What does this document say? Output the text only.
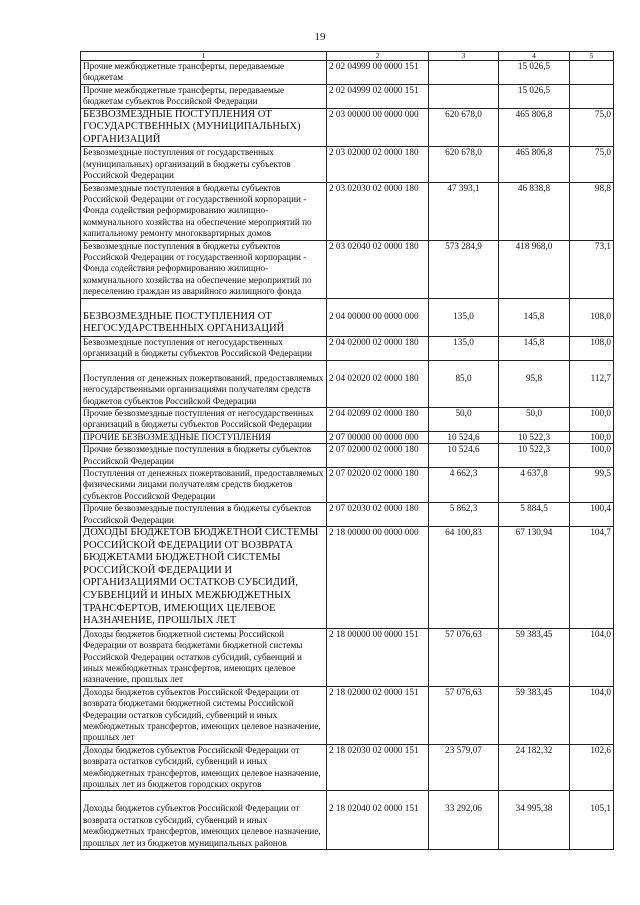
19
1	2	3	4	5
Прочие межбюджетные трансферты, передаваемые бюджетам	2 02 04999 00 0000 151		15 026,5	
Прочие межбюджетные трансферты, передаваемые бюджетам субъектов Российской Федерации	2 02 04999 02 0000 151		15 026,5	
БЕЗВОЗМЕЗДНЫЕ ПОСТУПЛЕНИЯ ОТ ГОСУДАРСТВЕННЫХ (МУНИЦИПАЛЬНЫХ) ОРГАНИЗАЦИЙ	2 03 00000 00 0000 000	620 678,0	465 806,8	75,0
Безвозмездные поступления от государственных (муниципальных) организаций в бюджеты субъектов Российской Федерации	2 03 02000 02 0000 180	620 678,0	465 806,8	75,0
Безвозмездные поступления в бюджеты субъектов Российской Федерации от государственной корпорации - Фонда содействия реформированию жилищно-коммунального хозяйства на обеспечение мероприятий по капитальному ремонту многоквартирных домов	2 03 02030 02 0000 180	47 393,1	46 838,8	98,8
Безвозмездные поступления в бюджеты субъектов Российской Федерации от государственной корпорации - Фонда содействия реформированию жилищно-коммунального хозяйства на обеспечение мероприятий по переселению граждан из аварийного жилищного фонда	2 03 02040 02 0000 180	573 284,9	418 968,0	73,1
БЕЗВОЗМЕЗДНЫЕ ПОСТУПЛЕНИЯ ОТ НЕГОСУДАРСТВЕННЫХ ОРГАНИЗАЦИЙ	2 04 00000 00 0000 000	135,0	145,8	108,0
Безвозмездные поступления от негосударственных организаций в бюджеты субъектов Российской Федерации	2 04 02000 02 0000 180	135,0	145,8	108,0
Поступления от денежных пожертвований, предоставляемых негосударственными организациями получателям средств бюджетов субъектов Российской Федерации	2 04 02020 02 0000 180	85,0	95,8	112,7
Прочие безвозмездные поступления от негосударственных организаций в бюджеты субъектов Российской Федерации	2 04 02099 02 0000 180	50,0	50,0	100,0
ПРОЧИЕ БЕЗВОЗМЕЗДНЫЕ ПОСТУПЛЕНИЯ	2 07 00000 00 0000 000	10 524,6	10 522,3	100,0
Прочие безвозмездные поступления в бюджеты субъектов Российской Федерации	2 07 02000 02 0000 180	10 524,6	10 522,3	100,0
Поступления от денежных пожертвований, предоставляемых физическими лицами получателям средств бюджетов субъектов Российской Федерации	2 07 02020 02 0000 180	4 662,3	4 637,8	99,5
Прочие безвозмездные поступления в бюджеты субъектов Российской Федерации	2 07 02030 02 0000 180	5 862,3	5 884,5	100,4
ДОХОДЫ БЮДЖЕТОВ БЮДЖЕТНОЙ СИСТЕМЫ РОССИЙСКОЙ ФЕДЕРАЦИИ ОТ ВОЗВРАТА БЮДЖЕТАМИ БЮДЖЕТНОЙ СИСТЕМЫ РОССИЙСКОЙ ФЕДЕРАЦИИ И ОРГАНИЗАЦИЯМИ ОСТАТКОВ СУБСИДИЙ, СУБВЕНЦИЙ И ИНЫХ МЕЖБЮДЖЕТНЫХ ТРАНСФЕРТОВ, ИМЕЮЩИХ ЦЕЛЕВОЕ НАЗНАЧЕНИЕ, ПРОШЛЫХ ЛЕТ	2 18 00000 00 0000 000	64 100,83	67 130,94	104,7
Доходы бюджетов бюджетной системы Российской Федерации от возврата бюджетами бюджетной системы Российской Федерации остатков субсидий, субвенций и иных межбюджетных трансфертов, имеющих целевое назначение, прошлых лет	2 18 00000 00 0000 151	57 076,63	59 383,45	104,0
Доходы бюджетов субъектов Российской Федерации от возврата бюджетами бюджетной системы Российской Федерации остатков субсидий, субвенций и иных межбюджетных трансфертов, имеющих целевое назначение, прошлых лет	2 18 02000 02 0000 151	57 076,63	59 383,45	104,0
Доходы бюджетов субъектов Российской Федерации от возврата остатков субсидий, субвенций и иных межбюджетных трансфертов, имеющих целевое назначение, прошлых лет из бюджетов городских округов	2 18 02030 02 0000 151	23 579,07	24 182,32	102,6
Доходы бюджетов субъектов Российской Федерации от возврата остатков субсидий, субвенций и иных межбюджетных трансфертов, имеющих целевое назначение, прошлых лет из бюджетов муниципальных районов	2 18 02040 02 0000 151	33 292,06	34 995,38	105,1
